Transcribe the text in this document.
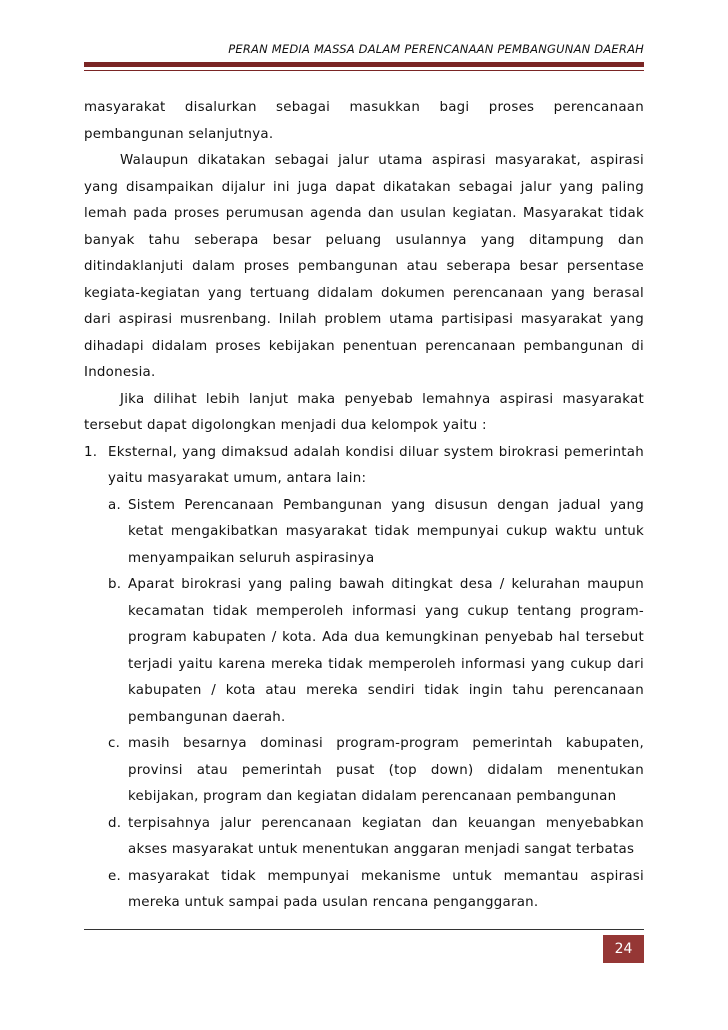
PERAN MEDIA MASSA DALAM PERENCANAAN PEMBANGUNAN DAERAH

masyarakat disalurkan sebagai masukkan bagi proses perencanaan pembangunan selanjutnya.

Walaupun dikatakan sebagai jalur utama aspirasi masyarakat, aspirasi yang disampaikan dijalur ini juga dapat dikatakan sebagai jalur yang paling lemah pada proses perumusan agenda dan usulan kegiatan. Masyarakat tidak banyak tahu seberapa besar peluang usulannya yang ditampung dan ditindaklanjuti dalam proses pembangunan atau seberapa besar persentase kegiata-kegiatan yang tertuang didalam dokumen perencanaan yang berasal dari aspirasi musrenbang. Inilah problem utama partisipasi masyarakat yang dihadapi didalam proses kebijakan penentuan perencanaan pembangunan di Indonesia.

Jika dilihat lebih lanjut maka penyebab lemahnya aspirasi masyarakat tersebut dapat digolongkan menjadi dua kelompok yaitu :

1. Eksternal, yang dimaksud adalah kondisi diluar system birokrasi pemerintah yaitu masyarakat umum, antara lain:
a. Sistem Perencanaan Pembangunan yang disusun dengan jadual yang ketat mengakibatkan masyarakat tidak mempunyai cukup waktu untuk menyampaikan seluruh aspirasinya
b. Aparat birokrasi yang paling bawah ditingkat desa / kelurahan maupun kecamatan tidak memperoleh informasi yang cukup tentang program-program kabupaten / kota. Ada dua kemungkinan penyebab hal tersebut terjadi yaitu karena mereka tidak memperoleh informasi yang cukup dari kabupaten / kota atau mereka sendiri tidak ingin tahu perencanaan pembangunan daerah.
c. masih besarnya dominasi program-program pemerintah kabupaten, provinsi atau pemerintah pusat (top down) didalam menentukan kebijakan, program dan kegiatan didalam perencanaan pembangunan
d. terpisahnya jalur perencanaan kegiatan dan keuangan menyebabkan akses masyarakat untuk menentukan anggaran menjadi sangat terbatas
e. masyarakat tidak mempunyai mekanisme untuk memantau aspirasi mereka untuk sampai pada usulan rencana penganggaran.
24
